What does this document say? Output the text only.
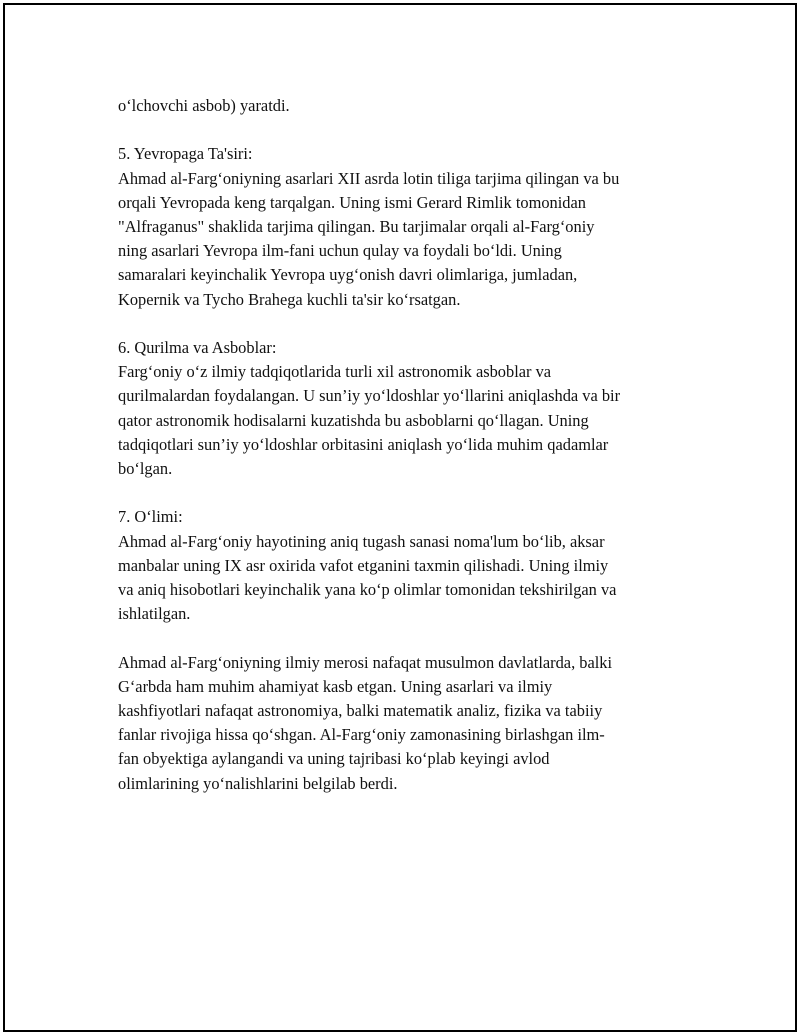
o‘lchovchi asbob) yaratdi.

5. Yevropaga Ta'siri:

Ahmad al-Farg‘oniyning asarlari XII asrda lotin tiliga tarjima qilingan va bu

orqali Yevropada keng tarqalgan. Uning ismi Gerard Rimlik tomonidan

"Alfraganus" shaklida tarjima qilingan. Bu tarjimalar orqali al-Farg‘oniy

ning asarlari Yevropa ilm-fani uchun qulay va foydali bo‘ldi. Uning

samaralari keyinchalik Yevropa uyg‘onish davri olimlariga, jumladan,

Kopernik va Tycho Brahega kuchli ta'sir ko‘rsatgan.

6. Qurilma va Asboblar:

Farg‘oniy o‘z ilmiy tadqiqotlarida turli xil astronomik asboblar va

qurilmalardan foydalangan. U sun’iy yo‘ldoshlar yo‘llarini aniqlashda va bir

qator astronomik hodisalarni kuzatishda bu asboblarni qo‘llagan. Uning

tadqiqotlari sun’iy yo‘ldoshlar orbitasini aniqlash yo‘lida muhim qadamlar

bo‘lgan.

7. O‘limi:

Ahmad al-Farg‘oniy hayotining aniq tugash sanasi noma'lum bo‘lib, aksar

manbalar uning IX asr oxirida vafot etganini taxmin qilishadi. Uning ilmiy

va aniq hisobotlari keyinchalik yana ko‘p olimlar tomonidan tekshirilgan va

ishlatilgan.

Ahmad al-Farg‘oniyning ilmiy merosi nafaqat musulmon davlatlarda, balki

G‘arbda ham muhim ahamiyat kasb etgan. Uning asarlari va ilmiy

kashfiyotlari nafaqat astronomiya, balki matematik analiz, fizika va tabiiy

fanlar rivojiga hissa qo‘shgan. Al-Farg‘oniy zamonasining birlashgan ilm-

fan obyektiga aylangandi va uning tajribasi ko‘plab keyingi avlod

olimlarining yo‘nalishlarini belgilab berdi.
